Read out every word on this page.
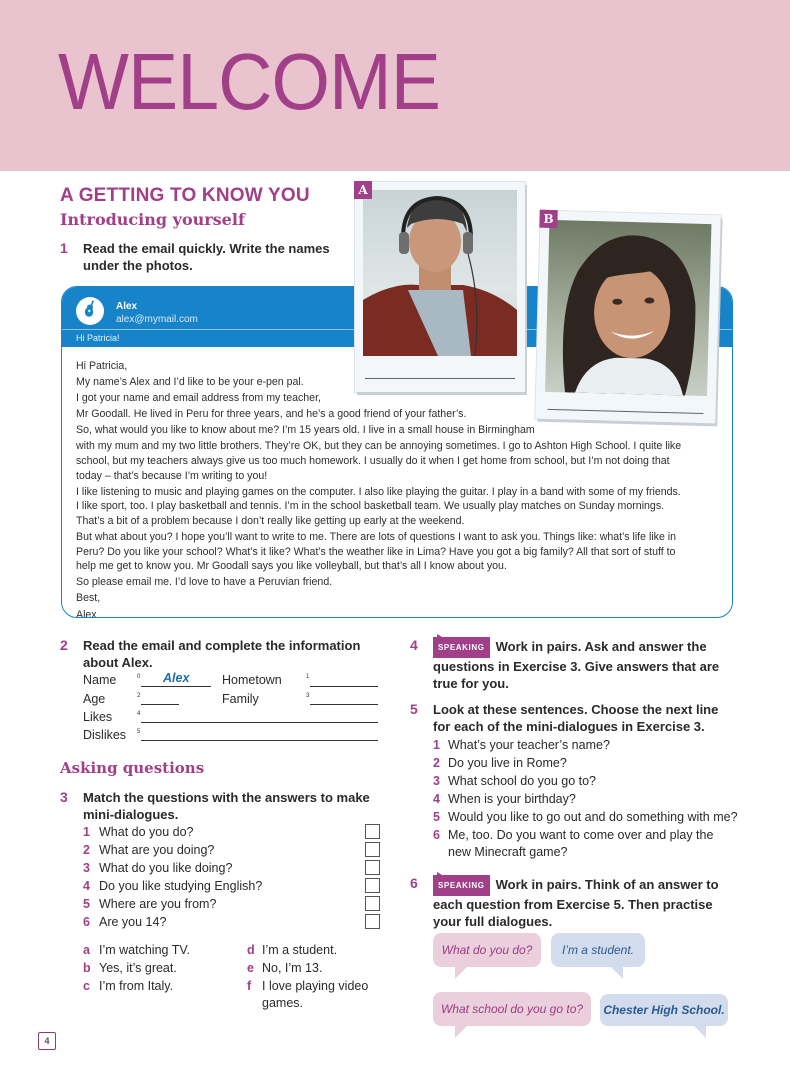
WELCOME
A GETTING TO KNOW YOU
Introducing yourself
1 Read the email quickly. Write the names under the photos.
Alex
alex@mymail.com
Hi Patricia!

Hi Patricia,

My name’s Alex and I’d like to be your e-pen pal.

I got your name and email address from my teacher,

Mr Goodall. He lived in Peru for three years, and he’s a good friend of your father’s.

So, what would you like to know about me? I’m 15 years old. I live in a small house in Birmingham

with my mum and my two little brothers. They’re OK, but they can be annoying sometimes. I go to Ashton High School. I quite like

school, but my teachers always give us too much homework. I usually do it when I get home from school, but I’m not doing that

today – that’s because I’m writing to you!

I like listening to music and playing games on the computer. I also like playing the guitar. I play in a band with some of my friends.

I like sport, too. I play basketball and tennis. I’m in the school basketball team. We usually play matches on Sunday mornings.

That’s a bit of a problem because I don’t really like getting up early at the weekend.

But what about you? I hope you’ll want to write to me. There are lots of questions I want to ask you. Things like: what’s life like in

Peru? Do you like your school? What’s it like? What’s the weather like in Lima? Have you got a big family? All that sort of stuff to

help me get to know you. Mr Goodall says you like volleyball, but that’s all I know about you.

So please email me. I’d love to have a Peruvian friend.

Best,

Alex

A
B
2 Read the email and complete the information about Alex.
Name	0 Alex	Hometown	1
Age	2	Family	3
Likes	4
Dislikes 5
Asking questions
3 Match the questions with the answers to make mini-dialogues.
1 What do you do?
2 What are you doing?
3 What do you like doing?
4 Do you like studying English?
5 Where are you from?
6 Are you 14?
a I’m watching TV.
b Yes, it’s great.
c I’m from Italy.
d I’m a student.
e No, I’m 13.
f I love playing video games.
4	SPEAKING Work in pairs. Ask and answer the questions in Exercise 3. Give answers that are true for you.
5 Look at these sentences. Choose the next line for each of the mini-dialogues in Exercise 3.
1 What’s your teacher’s name?
2 Do you live in Rome?
3 What school do you go to?
4 When is your birthday?
5 Would you like to go out and do something with me?
6 Me, too. Do you want to come over and play the new Minecraft game?
6	SPEAKING Work in pairs. Think of an answer to each question from Exercise 5. Then practise your full dialogues.
What do you do?	I’m a student.
What school do you go to?	Chester High School.
4
